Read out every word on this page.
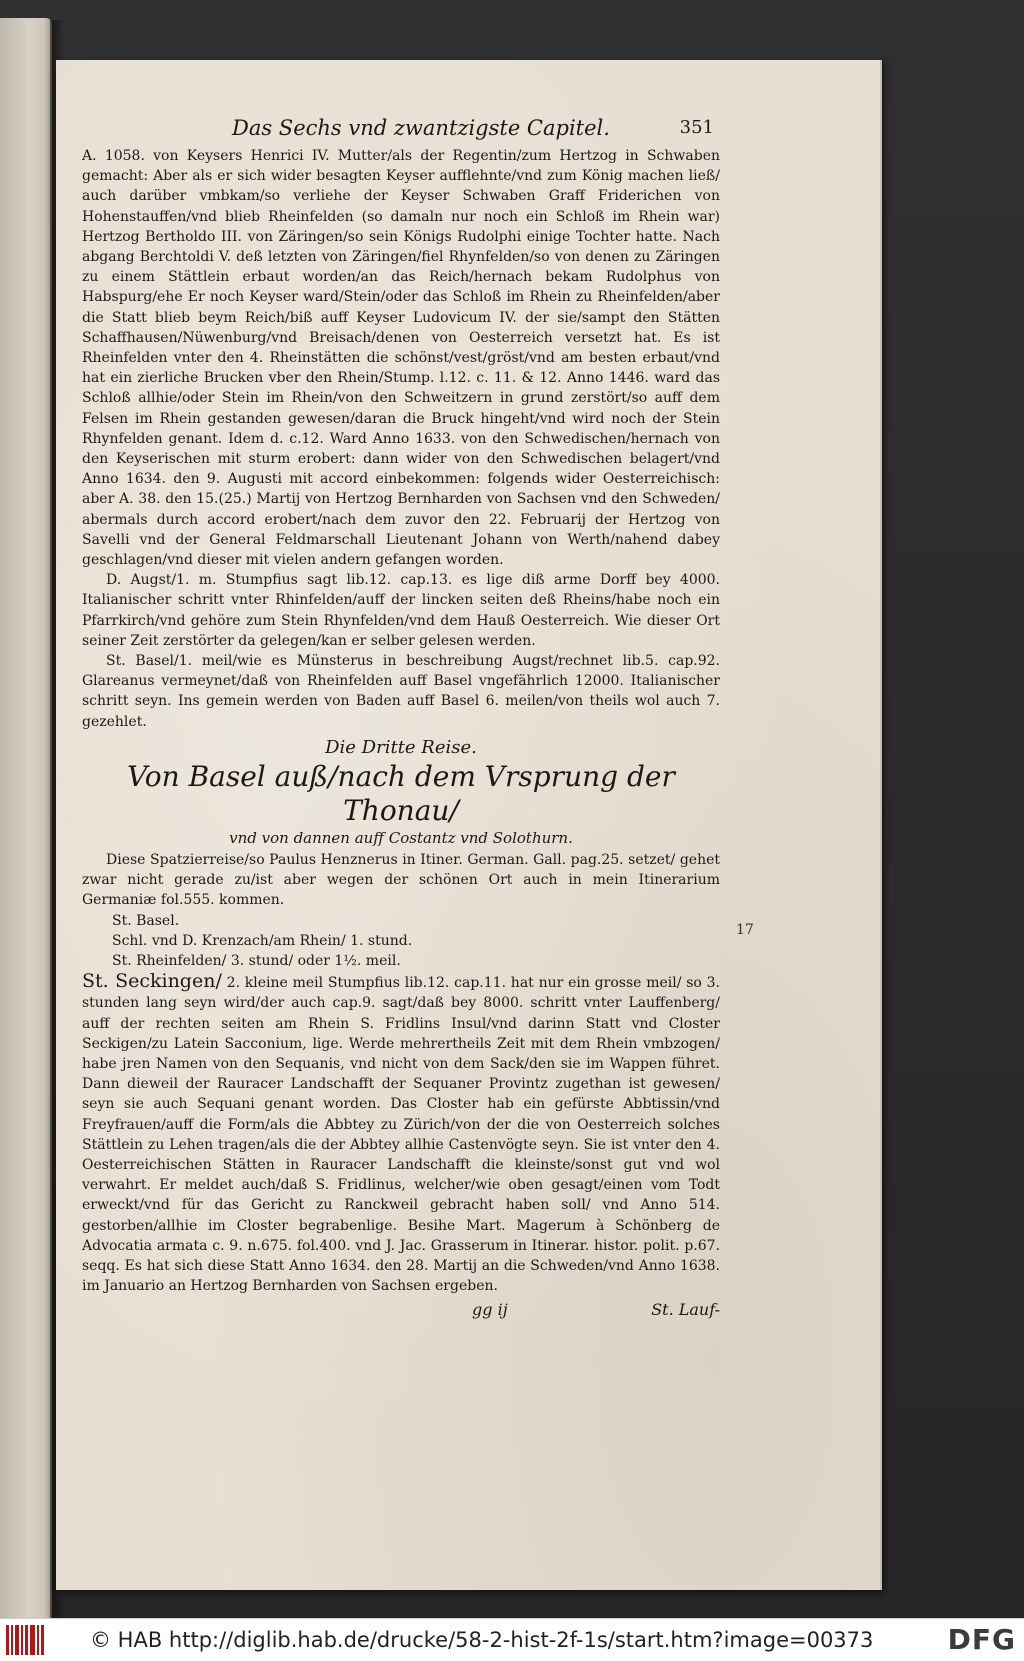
Das Sechs vnd zwantzigste Capitel.	351

A. 1058. von Keysers Henrici IV. Mutter/als der Regentin/zum Hertzog in Schwaben gemacht: Aber als er sich wider besagten Keyser aufflehnte/vnd zum König machen ließ/ auch darüber vmbkam/so verliehe der Keyser Schwaben Graff Friderichen von Hohenstauffen/vnd blieb Rheinfelden (so damaln nur noch ein Schloß im Rhein war) Hertzog Bertholdo III. von Zäringen/so sein Königs Rudolphi einige Tochter hatte. Nach abgang Berchtoldi V. deß letzten von Zäringen/fiel Rhynfelden/so von denen zu Zäringen zu einem Stättlein erbaut worden/an das Reich/hernach bekam Rudolphus von Habspurg/ehe Er noch Keyser ward/Stein/oder das Schloß im Rhein zu Rheinfelden/aber die Statt blieb beym Reich/biß auff Keyser Ludovicum IV. der sie/sampt den Stätten Schaffhausen/Nüwenburg/vnd Breisach/denen von Oesterreich versetzt hat. Es ist Rheinfelden vnter den 4. Rheinstätten die schönst/vest/gröst/vnd am besten erbaut/vnd hat ein zierliche Brucken vber den Rhein/Stump. l.12. c. 11. & 12. Anno 1446. ward das Schloß allhie/oder Stein im Rhein/von den Schweitzern in grund zerstört/so auff dem Felsen im Rhein gestanden gewesen/daran die Bruck hingeht/vnd wird noch der Stein Rhynfelden genant. Idem d. c.12. Ward Anno 1633. von den Schwedischen/hernach von den Keyserischen mit sturm erobert: dann wider von den Schwedischen belagert/vnd Anno 1634. den 9. Augusti mit accord einbekommen: folgends wider Oesterreichisch: aber A. 38. den 15.(25.) Martij von Hertzog Bernharden von Sachsen vnd den Schweden/ abermals durch accord erobert/nach dem zuvor den 22. Februarij der Hertzog von Savelli vnd der General Feldmarschall Lieutenant Johann von Werth/nahend dabey geschlagen/vnd dieser mit vielen andern gefangen worden.

D. Augst/1. m. Stumpfius sagt lib.12. cap.13. es lige diß arme Dorff bey 4000. Italianischer schritt vnter Rhinfelden/auff der lincken seiten deß Rheins/habe noch ein Pfarrkirch/vnd gehöre zum Stein Rhynfelden/vnd dem Hauß Oesterreich. Wie dieser Ort seiner Zeit zerstörter da gelegen/kan er selber gelesen werden.

St. Basel/1. meil/wie es Münsterus in beschreibung Augst/rechnet lib.5. cap.92. Glareanus vermeynet/daß von Rheinfelden auff Basel vngefährlich 12000. Italianischer schritt seyn. Ins gemein werden von Baden auff Basel 6. meilen/von theils wol auch 7. gezehlet.

Die Dritte Reise.

Von Basel auß/nach dem Vrsprung der Thonau/

vnd von dannen auff Costantz vnd Solothurn.

Diese Spatzierreise/so Paulus Henznerus in Itiner. German. Gall. pag.25. setzet/ gehet zwar nicht gerade zu/ist aber wegen der schönen Ort auch in mein Itinerarium Germaniæ fol.555. kommen.

St. Basel.

Schl. vnd D. Krenzach/am Rhein/ 1. stund.

St. Rheinfelden/ 3. stund/ oder 1½. meil.

St. Seckingen/ 2. kleine meil Stumpfius lib.12. cap.11. hat nur ein grosse meil/ so 3. stunden lang seyn wird/der auch cap.9. sagt/daß bey 8000. schritt vnter Lauffenberg/ auff der rechten seiten am Rhein S. Fridlins Insul/vnd darinn Statt vnd Closter Seckigen/zu Latein Sacconium, lige. Werde mehrertheils Zeit mit dem Rhein vmbzogen/ habe jren Namen von den Sequanis, vnd nicht von dem Sack/den sie im Wappen führet. Dann dieweil der Rauracer Landschafft der Sequaner Provintz zugethan ist gewesen/ seyn sie auch Sequani genant worden. Das Closter hab ein gefürste Abbtissin/vnd Freyfrauen/auff die Form/als die Abbtey zu Zürich/von der die von Oesterreich solches Stättlein zu Lehen tragen/als die der Abbtey allhie Castenvögte seyn. Sie ist vnter den 4. Oesterreichischen Stätten in Rauracer Landschafft die kleinste/sonst gut vnd wol verwahrt. Er meldet auch/daß S. Fridlinus, welcher/wie oben gesagt/einen vom Todt erweckt/vnd für das Gericht zu Ranckweil gebracht haben soll/ vnd Anno 514. gestorben/allhie im Closter begrabenlige. Besihe Mart. Magerum à Schönberg de Advocatia armata c. 9. n.675. fol.400. vnd J. Jac. Grasserum in Itinerar. histor. polit. p.67. seqq. Es hat sich diese Statt Anno 1634. den 28. Martij an die Schweden/vnd Anno 1638. im Januario an Hertzog Bernharden von Sachsen ergeben.

gg ij	St. Lauf-
17
© HAB http://diglib.hab.de/drucke/58-2-hist-2f-1s/start.htm?image=00373	DFG
